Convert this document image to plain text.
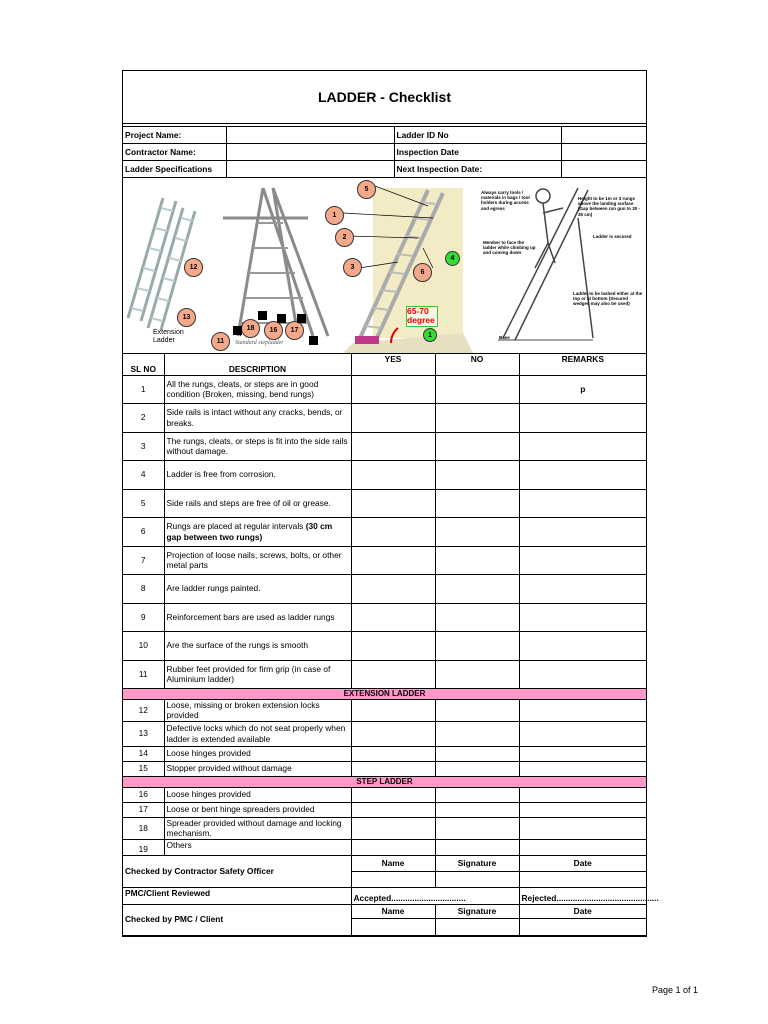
LADDER - Checklist
Project Name:		Ladder ID No	
Contractor Name:		Inspection Date	
Ladder Specifications		Next Inspection Date:	
5
1
2
3
6
4
1
12
13
11
18	16	17
Extension Ladder	Standard stepladder
65-70 degree
Always carry tools / materials in bags / tool holders during access and egress
Member to face the ladder while climbing up and coming down
Height to be 1m or 3 rungs above the landing surface (Gap between run gun to 30 - 35 cm)
Ladder is secured
Ladder to be lashed either at the top or at bottom (Secured wedges may also be used)
Base
SL NO	DESCRIPTION	YES	NO	REMARKS
1	All the rungs, cleats, or steps are in good condition (Broken, missing, bend rungs)			p
2	Side rails is intact without any cracks, bends, or breaks.			
3	The rungs, cleats, or steps is fit into the side rails without damage.			
4	Ladder is free from corrosion.			
5	Side rails and steps are free of oil or grease.			
6	Rungs are placed at regular intervals (30 cm gap between two rungs)			
7	Projection of loose nails, screws, bolts, or other metal parts			
8	Are ladder rungs painted.			
9	Reinforcement bars are used as ladder rungs			
10	Are the surface of the rungs is smooth			
11	Rubber feet provided for firm grip (in case of Aluminium ladder)			
EXTENSION LADDER				
12	Loose, missing or broken extension locks provided			
13	Defective locks which do not seat properly when ladder is extended available			
14	Loose hinges provided			
15	Stopper provided without damage			
STEP LADDER				
16	Loose hinges provided			
17	Loose or bent hinge spreaders provided			
18	Spreader provided without damage and locking mechanism.			
19	Others			
Checked by Contractor Safety Officer		Name	Signature	Date

PMC/Client Reviewed		Accepted................................		Rejected............................................
Checked by PMC / Client		Name	Signature	Date

Page 1 of 1
